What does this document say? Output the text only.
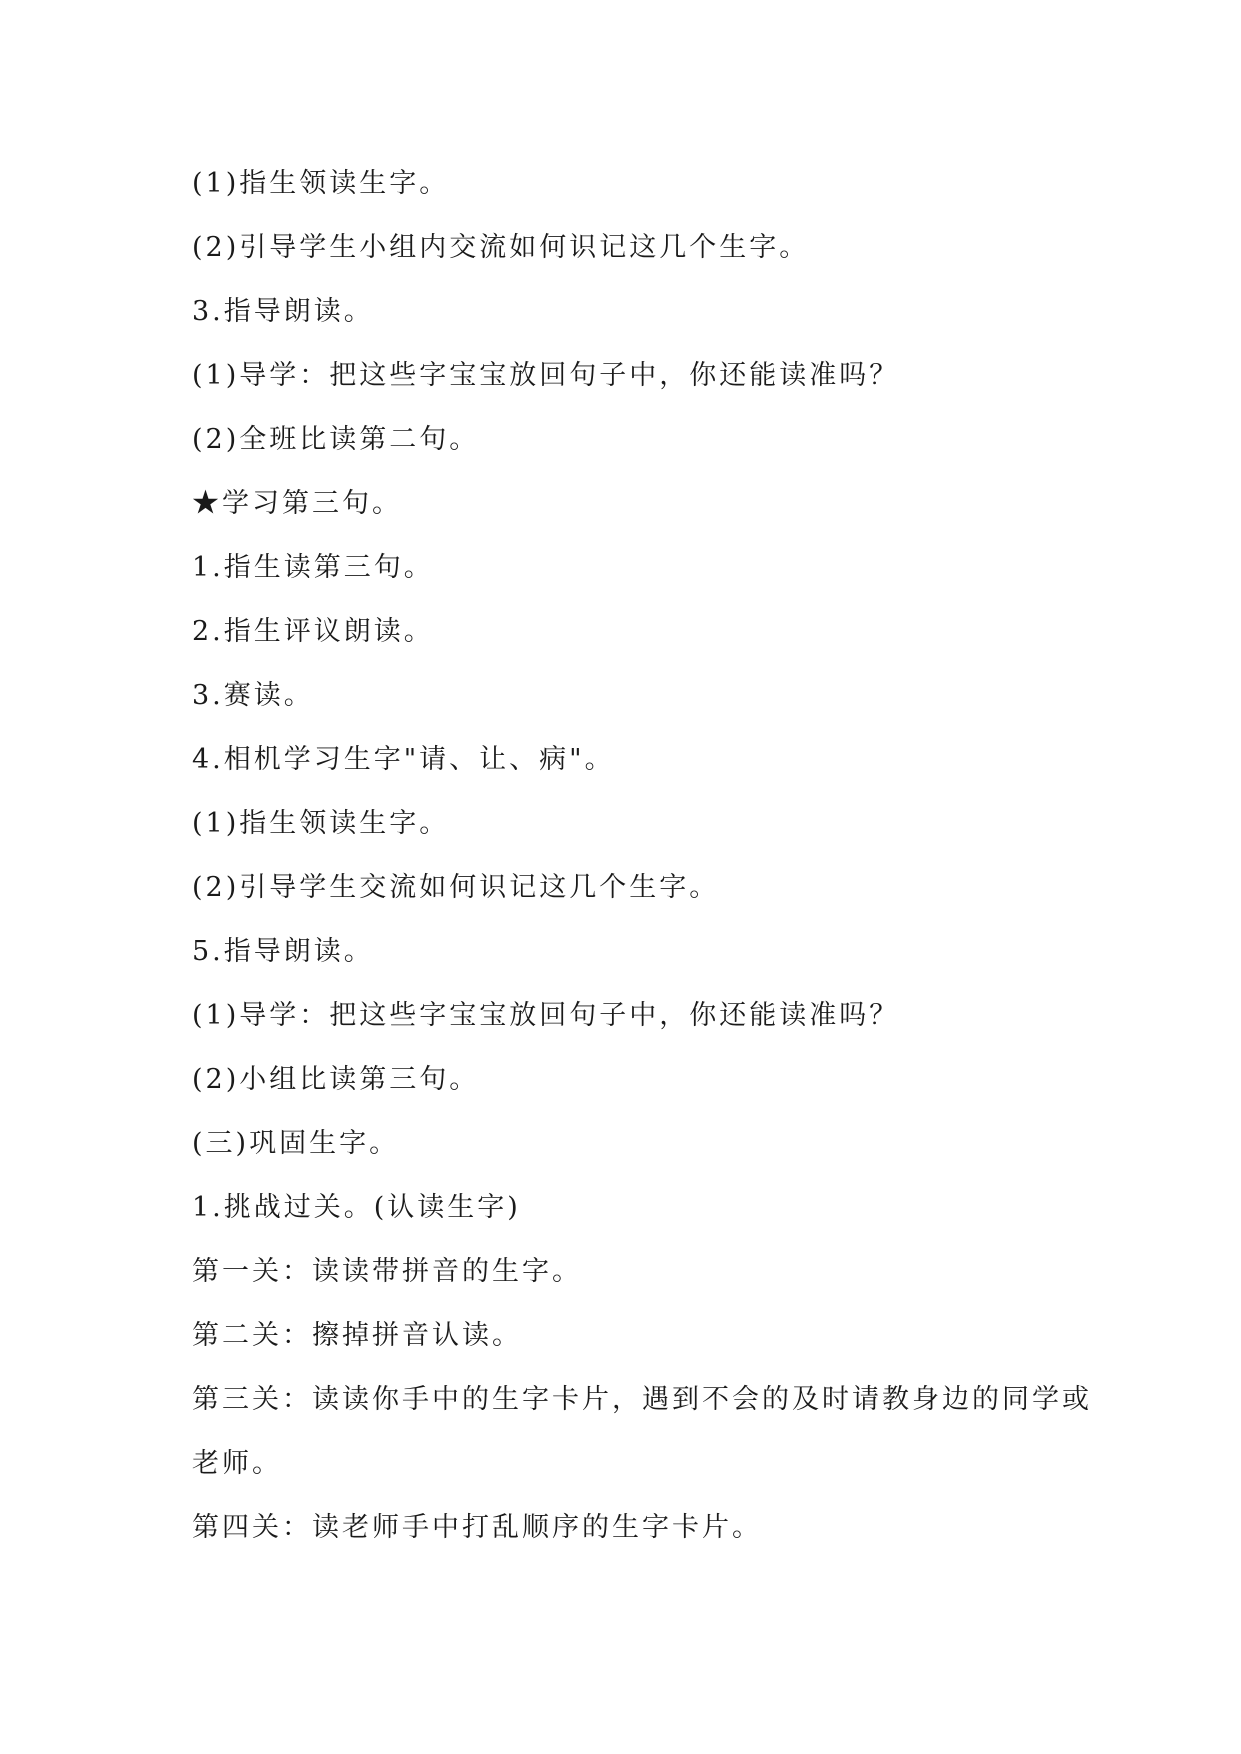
(1)指生领读生字。

(2)引导学生小组内交流如何识记这几个生字。

3.指导朗读。

(1)导学：把这些字宝宝放回句子中，你还能读准吗？

(2)全班比读第二句。

★学习第三句。

1.指生读第三句。

2.指生评议朗读。

3.赛读。

4.相机学习生字"请、让、病"。

(1)指生领读生字。

(2)引导学生交流如何识记这几个生字。

5.指导朗读。

(1)导学：把这些字宝宝放回句子中，你还能读准吗？

(2)小组比读第三句。

(三)巩固生字。

1.挑战过关。(认读生字)

第一关：读读带拼音的生字。

第二关：擦掉拼音认读。

第三关：读读你手中的生字卡片，遇到不会的及时请教身边的同学或

老师。

第四关：读老师手中打乱顺序的生字卡片。
